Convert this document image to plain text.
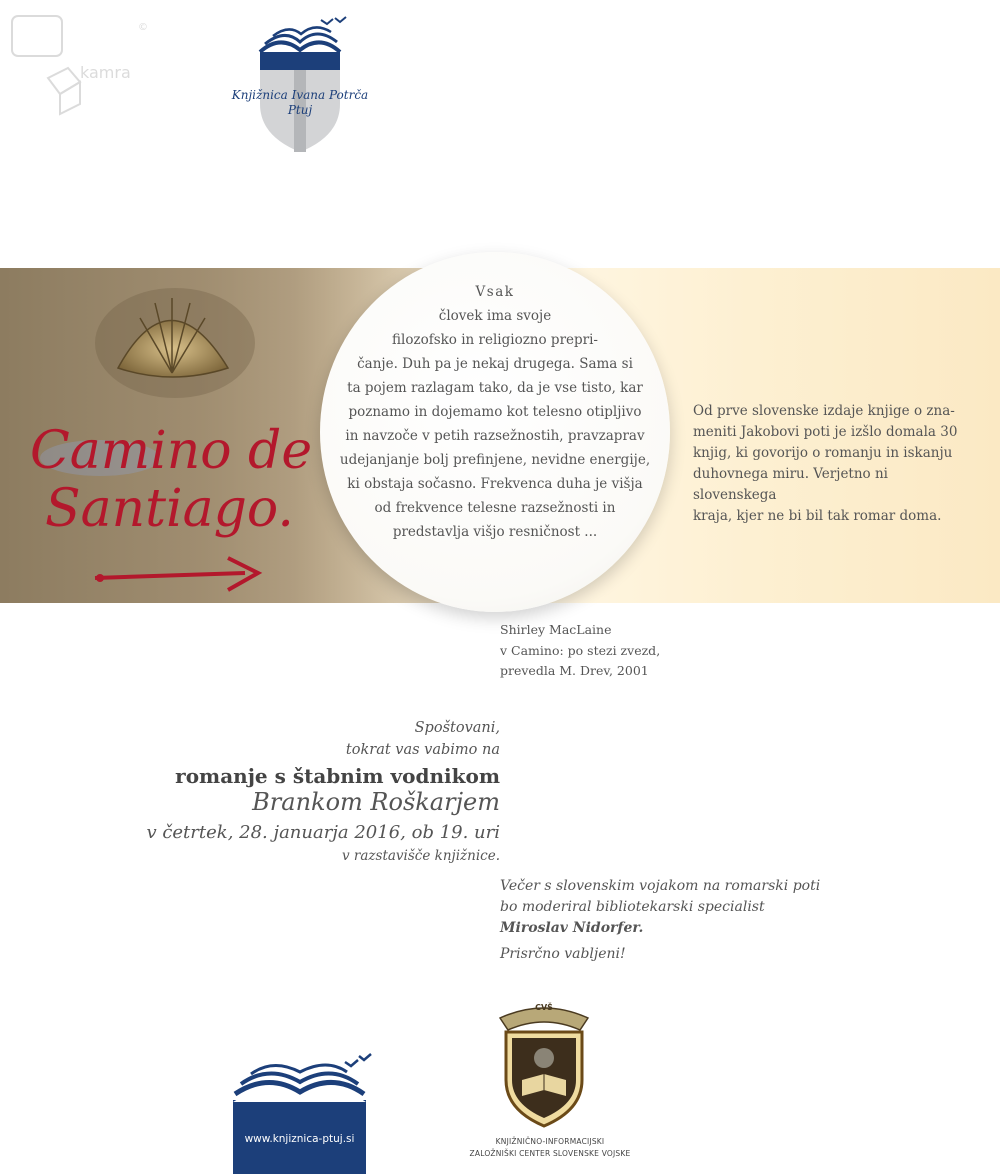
kamra
©
Knjižnica Ivana Potrča
Ptuj
Camino de
Santiago.
Vsak
človek ima svoje
filozofsko in religiozno prepri-
čanje. Duh pa je nekaj drugega. Sama si
ta pojem razlagam tako, da je vse tisto, kar
poznamo in dojemamo kot telesno otipljivo
in navzoče v petih razsežnostih, pravzaprav
udejanjanje bolj prefinjene, nevidne energije,
ki obstaja sočasno. Frekvenca duha je višja
od frekvence telesne razsežnosti in
predstavlja višjo resničnost ...
Od prve slovenske izdaje knjige o zna-
meniti Jakobovi poti je izšlo domala 30
knjig, ki govorijo o romanju in iskanju
duhovnega miru. Verjetno ni slovenskega
kraja, kjer ne bi bil tak romar doma.
Shirley MacLaine
v Camino: po stezi zvezd,
prevedla M. Drev, 2001
Spoštovani,
tokrat vas vabimo na
romanje s štabnim vodnikom
Brankom Roškarjem
v četrtek, 28. januarja 2016, ob 19. uri
v razstavišče knjižnice.
Večer s slovenskim vojakom na romarski poti
bo moderiral bibliotekarski specialist
Miroslav Nidorfer.
Prisrčno vabljeni!
www.knjiznica-ptuj.si
CVŠ
KNJIŽNIČNO-INFORMACIJSKI
ZALOŽNIŠKI CENTER SLOVENSKE VOJSKE
